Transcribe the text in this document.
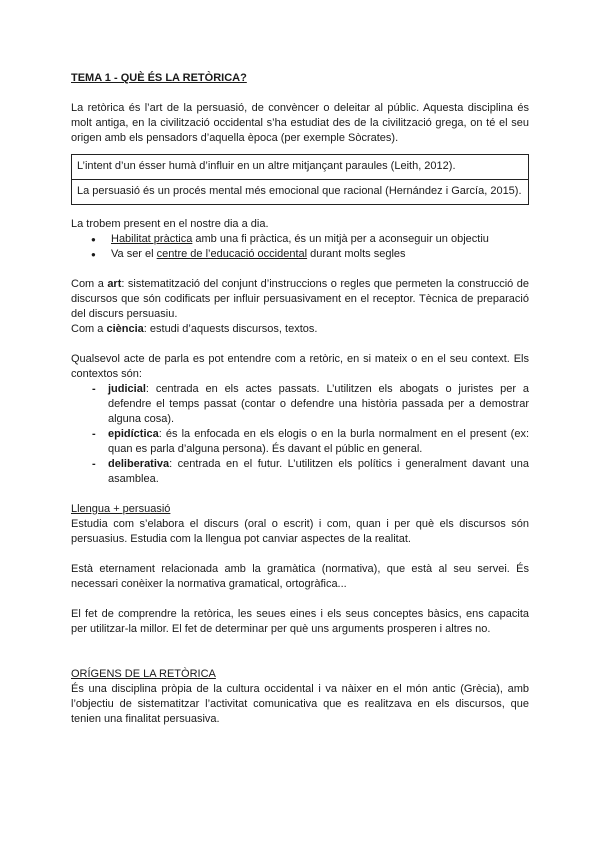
TEMA 1 - QUÈ ÉS LA RETÒRICA?

La retòrica és l’art de la persuasió, de convèncer o deleitar al públic. Aquesta disciplina és molt antiga, en la civilització occidental s’ha estudiat des de la civilització grega, on té el seu origen amb els pensadors d’aquella època (per exemple Sòcrates).

L’intent d’un ésser humà d’influir en un altre mitjançant paraules (Leith, 2012).
La persuasió és un procés mental més emocional que racional (Hernández i García, 2015).

La trobem present en el nostre dia a dia.

● Habilitat pràctica amb una fi pràctica, és un mitjà per a aconseguir un objectiu
● Va ser el centre de l’educació occidental durant molts segles

Com a art: sistematització del conjunt d’instruccions o regles que permeten la construcció de discursos que són codificats per influir persuasivament en el receptor. Tècnica de preparació del discurs persuasiu.

Com a ciència: estudi d’aquests discursos, textos.

Qualsevol acte de parla es pot entendre com a retòric, en si mateix o en el seu context. Els contextos són:

- judicial: centrada en els actes passats. L’utilitzen els abogats o juristes per a defendre el temps passat (contar o defendre una història passada per a demostrar alguna cosa).
- epidíctica: és la enfocada en els elogis o en la burla normalment en el present (ex: quan es parla d’alguna persona). És davant el públic en general.
- deliberativa: centrada en el futur. L’utilitzen els polítics i generalment davant una asamblea.

Llengua + persuasió

Estudia com s’elabora el discurs (oral o escrit) i com, quan i per què els discursos són persuasius. Estudia com la llengua pot canviar aspectes de la realitat.

Està eternament relacionada amb la gramàtica (normativa), que està al seu servei. És necessari conèixer la normativa gramatical, ortogràfica...

El fet de comprendre la retòrica, les seues eines i els seus conceptes bàsics, ens capacita per utilitzar-la millor. El fet de determinar per què uns arguments prosperen i altres no.

ORÍGENS DE LA RETÒRICA

És una disciplina pròpia de la cultura occidental i va nàixer en el món antic (Grècia), amb l’objectiu de sistematitzar l’activitat comunicativa que es realitzava en els discursos, que tenien una finalitat persuasiva.
